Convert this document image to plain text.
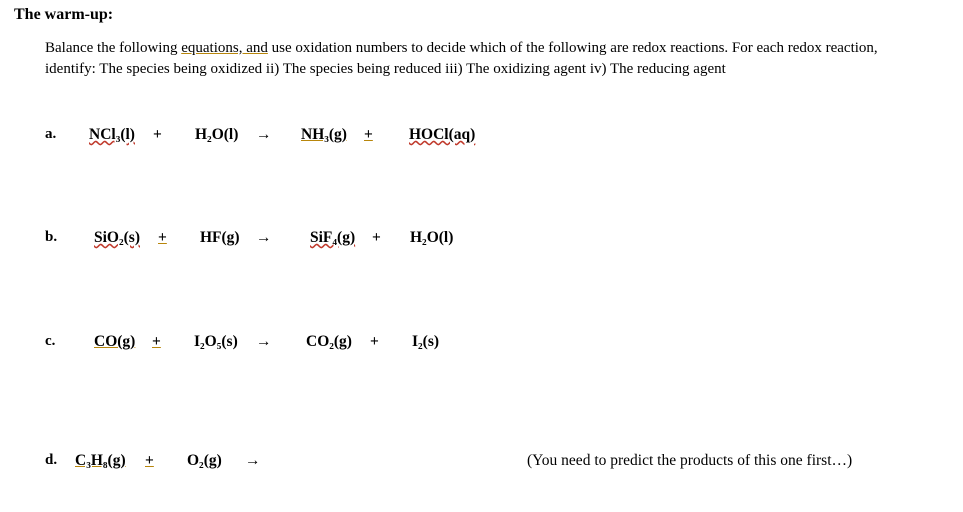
The warm-up:
Balance the following equations, and use oxidation numbers to decide which of the following are redox reactions. For each redox reaction, identify: The species being oxidized ii) The species being reduced iii) The oxidizing agent iv) The reducing agent
a. NCl₃(l) + H₂O(l) → NH₃(g) + HOCl(aq)
b. SiO₂(s) + HF(g) → SiF₄(g) + H₂O(l)
c. CO(g) + I₂O₅(s) → CO₂(g) + I₂(s)
d. C₃H₈(g) + O₂(g) →	(You need to predict the products of this one first…)
